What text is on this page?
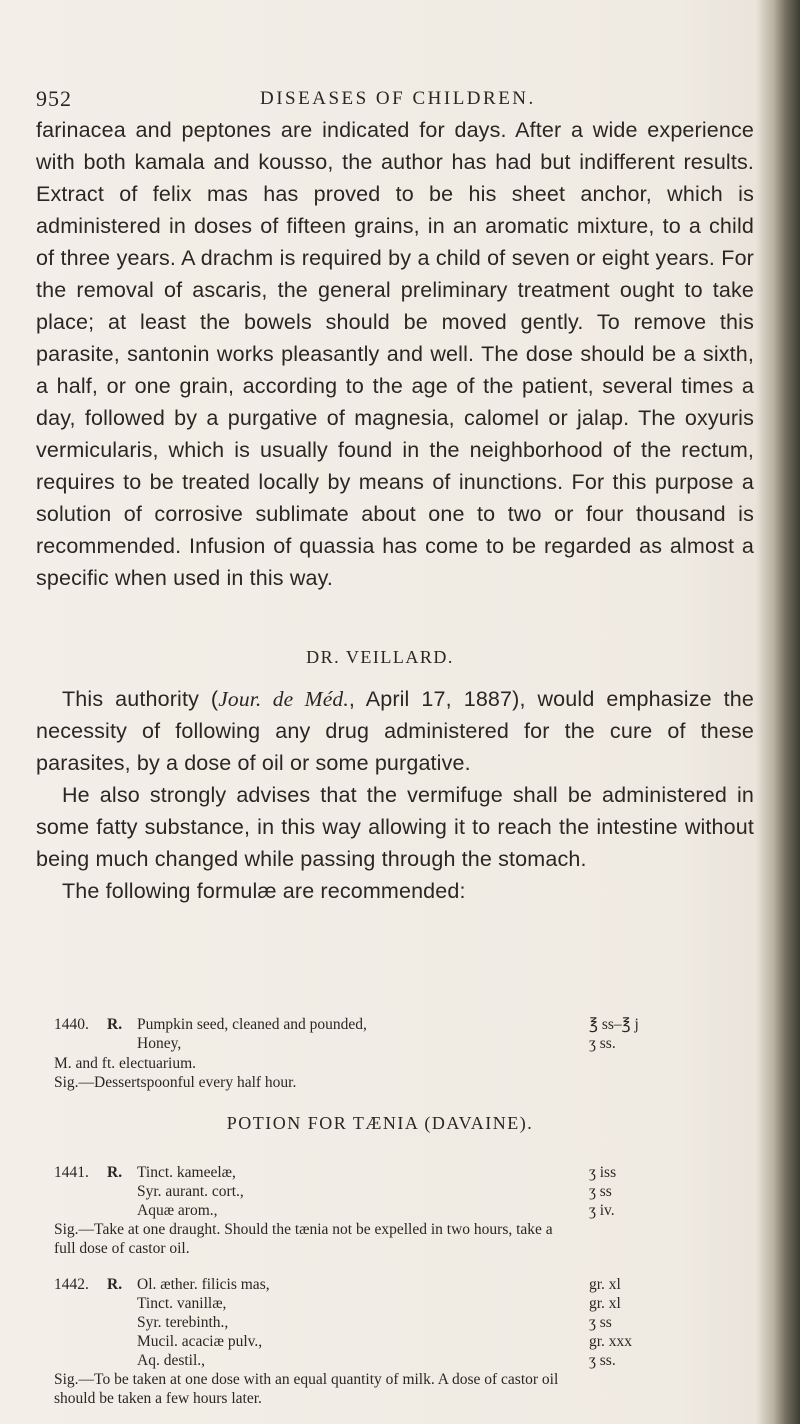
952	DISEASES OF CHILDREN.

farinacea and peptones are indicated for days. After a wide experience with both kamala and kousso, the author has had but indifferent results. Extract of felix mas has proved to be his sheet anchor, which is administered in doses of fifteen grains, in an aromatic mixture, to a child of three years. A drachm is required by a child of seven or eight years. For the removal of ascaris, the general preliminary treatment ought to take place; at least the bowels should be moved gently. To remove this parasite, santonin works pleasantly and well. The dose should be a sixth, a half, or one grain, according to the age of the patient, several times a day, followed by a purgative of magnesia, calomel or jalap. The oxyuris vermicularis, which is usually found in the neighborhood of the rectum, requires to be treated locally by means of inunctions. For this purpose a solution of corrosive sublimate about one to two or four thousand is recommended. Infusion of quassia has come to be regarded as almost a specific when used in this way.

DR. VEILLARD.

This authority (Jour. de Méd., April 17, 1887), would emphasize the necessity of following any drug administered for the cure of these parasites, by a dose of oil or some purgative.

He also strongly advises that the vermifuge shall be administered in some fatty substance, in this way allowing it to reach the intestine without being much changed while passing through the stomach.

The following formulæ are recommended:

1440. R. Pumpkin seed, cleaned and pounded,	℥ ss–℥ j
Honey,	ʒ ss.
M. and ft. electuarium.
Sig.—Dessertspoonful every half hour.
POTION FOR TÆNIA (DAVAINE).
1441. R. Tinct. kameelæ,	ʒ iss
Syr. aurant. cort.,	ʒ ss
Aquæ arom.,	ʒ iv.
Sig.—Take at one draught. Should the tænia not be expelled in two hours, take a
full dose of castor oil.
1442. R. Ol. æther. filicis mas,	gr. xl
Tinct. vanillæ,	gr. xl
Syr. terebinth.,	ʒ ss
Mucil. acaciæ pulv.,	gr. xxx
Aq. destil.,	ʒ ss.
Sig.—To be taken at one dose with an equal quantity of milk. A dose of castor oil
should be taken a few hours later.
